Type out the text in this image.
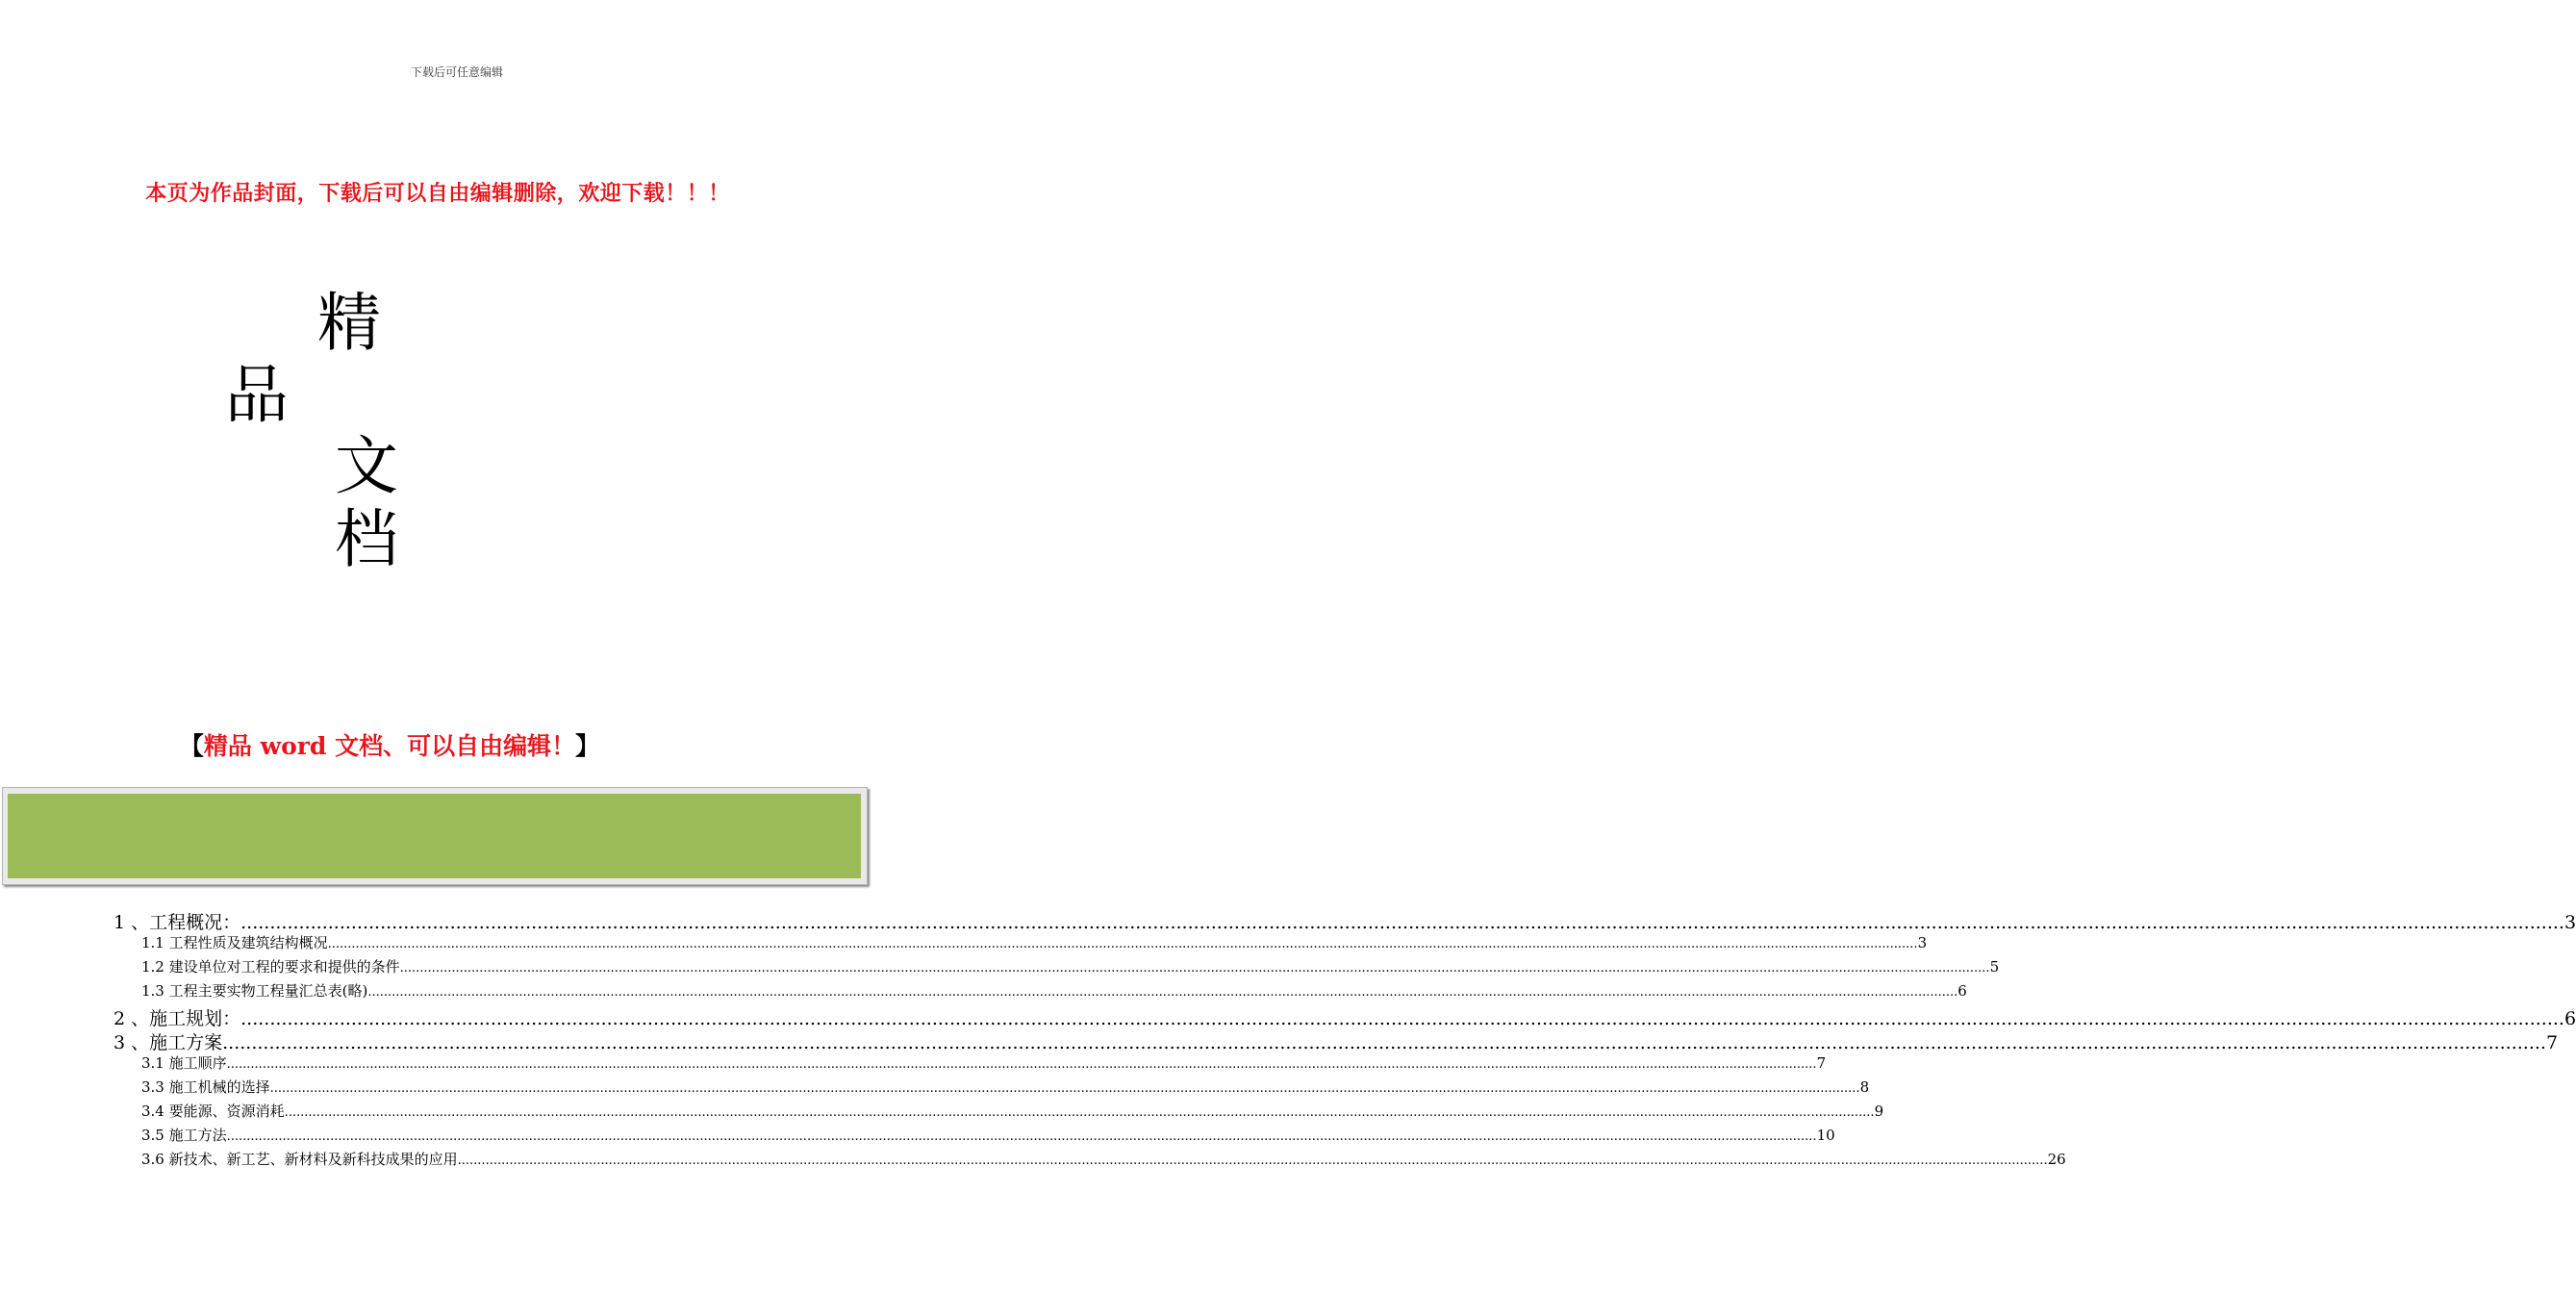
下载后可任意编辑
本页为作品封面，下载后可以自由编辑删除，欢迎下载！！！
精
品
文
档
【精品 word 文档、可以自由编辑！】
1 、工程概况： ................................................................................................................................................................................................................................................................................................................................................................................................................ 3
1.1 工程性质及建筑结构概况 ................................................................................................................................................................................................................................................................................................................................................................................................................ 3
1.2 建设单位对工程的要求和提供的条件 ................................................................................................................................................................................................................................................................................................................................................................................................................ 5
1.3 工程主要实物工程量汇总表(略) ................................................................................................................................................................................................................................................................................................................................................................................................................ 6
2 、施工规划： ................................................................................................................................................................................................................................................................................................................................................................................................................ 6
3 、施工方案 ................................................................................................................................................................................................................................................................................................................................................................................................................ 7
3.1 施工顺序 ................................................................................................................................................................................................................................................................................................................................................................................................................ 7
3.3 施工机械的选择 ................................................................................................................................................................................................................................................................................................................................................................................................................ 8
3.4 要能源、资源消耗 ................................................................................................................................................................................................................................................................................................................................................................................................................ 9
3.5 施工方法 ................................................................................................................................................................................................................................................................................................................................................................................................................ 10
3.6 新技术、新工艺、新材料及新科技成果的应用 ................................................................................................................................................................................................................................................................................................................................................................................................................ 26
